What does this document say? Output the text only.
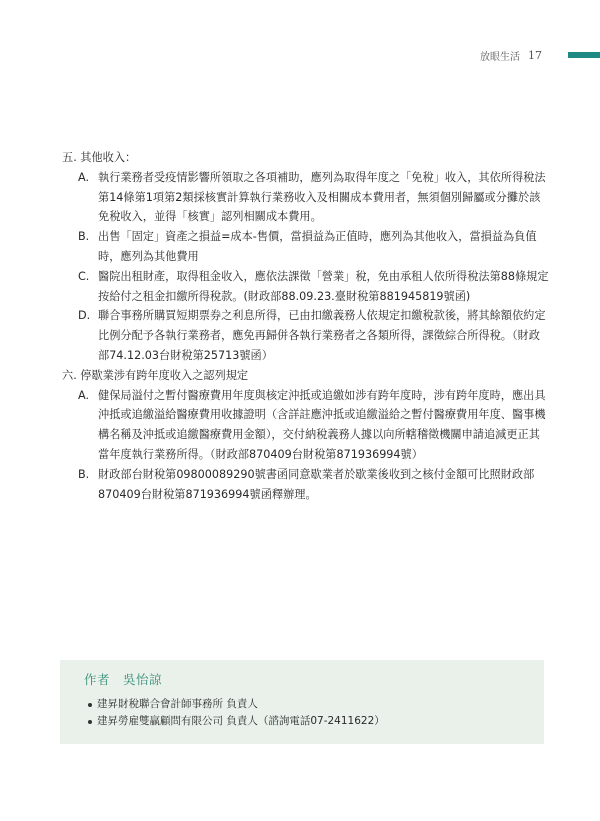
放眼生活 17

五. 其他收入：

A. 執行業務者受疫情影響所領取之各項補助，應列為取得年度之「免稅」收入，其依所得稅法第14條第1項第2類採核實計算執行業務收入及相關成本費用者，無須個別歸屬或分攤於該免稅收入，並得「核實」認列相關成本費用。
B. 出售「固定」資產之損益=成本-售價，當損益為正值時，應列為其他收入，當損益為負值時，應列為其他費用
C. 醫院出租財產，取得租金收入，應依法課徵「營業」稅，免由承租人依所得稅法第88條規定按給付之租金扣繳所得稅款。(財政部88.09.23.臺財稅第881945819號函)
D. 聯合事務所購買短期票券之利息所得，已由扣繳義務人依規定扣繳稅款後，將其餘額依約定比例分配予各執行業務者，應免再歸併各執行業務者之各類所得，課徵綜合所得稅。（財政部74.12.03台財稅第25713號函）

六. 停歇業涉有跨年度收入之認列規定

A. 健保局溢付之暫付醫療費用年度與核定沖抵或追繳如涉有跨年度時，涉有跨年度時，應出具沖抵或追繳溢給醫療費用收據證明（含詳註應沖抵或追繳溢給之暫付醫療費用年度、醫事機構名稱及沖抵或追繳醫療費用金額），交付納稅義務人據以向所轄稽徵機關申請追減更正其當年度執行業務所得。（財政部870409台財稅第871936994號）
B. 財政部台財稅第09800089290號書函同意歇業者於歇業後收到之核付金額可比照財政部870409台財稅第871936994號函釋辦理。
作者　吳怡諒
建昇財稅聯合會計師事務所 負責人
建昇勞雇雙贏顧問有限公司 負責人（諮詢電話07-2411622）
